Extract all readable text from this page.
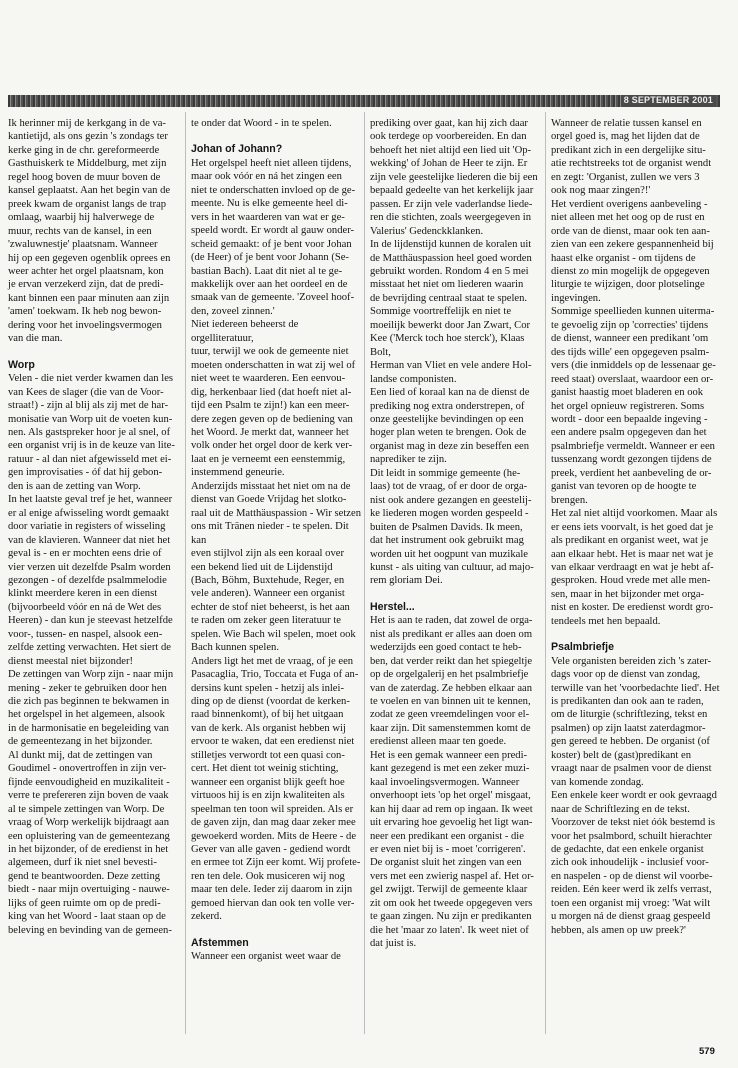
8 SEPTEMBER 2001

Ik herinner mij de kerkgang in de va-

kantietijd, als ons gezin 's zondags ter

kerke ging in de chr. gereformeerde

Gasthuiskerk te Middelburg, met zijn

regel hoog boven de muur boven de

kansel geplaatst. Aan het begin van de

preek kwam de organist langs de trap

omlaag, waarbij hij halverwege de

muur, rechts van de kansel, in een

'zwaluwnestje' plaatsnam. Wanneer

hij op een gegeven ogenblik oprees en

weer achter het orgel plaatsnam, kon

je ervan verzekerd zijn, dat de predi-

kant binnen een paar minuten aan zijn

'amen' toekwam. Ik heb nog bewon-

dering voor het invoelingsvermogen

van die man.

Worp

Velen - die niet verder kwamen dan les

van Kees de slager (die van de Voor-

straat!) - zijn al blij als zij met de har-

monisatie van Worp uit de voeten kun-

nen. Als gastspreker hoor je al snel, of

een organist vrij is in de keuze van lite-

ratuur - al dan niet afgewisseld met ei-

gen improvisaties - óf dat hij gebon-

den is aan de zetting van Worp.

In het laatste geval tref je het, wanneer

er al enige afwisseling wordt gemaakt

door variatie in registers of wisseling

van de klavieren. Wanneer dat niet het

geval is - en er mochten eens drie of

vier verzen uit dezelfde Psalm worden

gezongen - of dezelfde psalmmelodie

klinkt meerdere keren in een dienst

(bijvoorbeeld vóór en ná de Wet des

Heeren) - dan kun je steevast hetzelfde

voor-, tussen- en naspel, alsook een-

zelfde zetting verwachten. Het siert de

dienst meestal niet bijzonder!

De zettingen van Worp zijn - naar mijn

mening - zeker te gebruiken door hen

die zich pas beginnen te bekwamen in

het orgelspel in het algemeen, alsook

in de harmonisatie en begeleiding van

de gemeentezang in het bijzonder.

Al dunkt mij, dat de zettingen van

Goudimel - onovertroffen in zijn ver-

fijnde eenvoudigheid en muzikaliteit -

verre te prefereren zijn boven de vaak

al te simpele zettingen van Worp. De

vraag of Worp werkelijk bijdraagt aan

een opluistering van de gemeentezang

in het bijzonder, of de eredienst in het

algemeen, durf ik niet snel bevesti-

gend te beantwoorden. Deze zetting

biedt - naar mijn overtuiging - nauwe-

lijks of geen ruimte om op de predi-

king van het Woord - laat staan op de

beleving en bevinding van de gemeen-

te onder dat Woord - in te spelen.

Johan of Johann?

Het orgelspel heeft niet alleen tijdens,

maar ook vóór en ná het zingen een

niet te onderschatten invloed op de ge-

meente. Nu is elke gemeente heel di-

vers in het waarderen van wat er ge-

speeld wordt. Er wordt al gauw onder-

scheid gemaakt: of je bent voor Johan

(de Heer) of je bent voor Johann (Se-

bastian Bach). Laat dit niet al te ge-

makkelijk over aan het oordeel en de

smaak van de gemeente. 'Zoveel hoof-

den, zoveel zinnen.'

Niet iedereen beheerst de orgelliteratuur,

tuur, terwijl we ook de gemeente niet

moeten onderschatten in wat zij wel of

niet weet te waarderen. Een eenvou-

dig, herkenbaar lied (dat hoeft niet al-

tijd een Psalm te zijn!) kan een meer-

dere zegen geven op de bediening van

het Woord. Je merkt dat, wanneer het

volk onder het orgel door de kerk ver-

laat en je verneemt een eenstemmig,

instemmend geneurie.

Anderzijds misstaat het niet om na de

dienst van Goede Vrijdag het slotko-

raal uit de Matthäuspassion - Wir setzen

ons mit Tränen nieder - te spelen. Dit kan

even stijlvol zijn als een koraal over

een bekend lied uit de Lijdenstijd

(Bach, Böhm, Buxtehude, Reger, en

vele anderen). Wanneer een organist

echter de stof niet beheerst, is het aan

te raden om zeker geen literatuur te

spelen. Wie Bach wil spelen, moet ook

Bach kunnen spelen.

Anders ligt het met de vraag, of je een

Pasacaglia, Trio, Toccata et Fuga of an-

dersins kunt spelen - hetzij als inlei-

ding op de dienst (voordat de kerken-

raad binnenkomt), of bij het uitgaan

van de kerk. Als organist hebben wij

ervoor te waken, dat een eredienst niet

stilletjes verwordt tot een quasi con-

cert. Het dient tot weinig stichting,

wanneer een organist blijk geeft hoe

virtuoos hij is en zijn kwaliteiten als

speelman ten toon wil spreiden. Als er

de gaven zijn, dan mag daar zeker mee

gewoekerd worden. Mits de Heere - de

Gever van alle gaven - gediend wordt

en ermee tot Zijn eer komt. Wij profete-

ren ten dele. Ook musiceren wij nog

maar ten dele. Ieder zij daarom in zijn

gemoed hiervan dan ook ten volle ver-

zekerd.

Afstemmen

Wanneer een organist weet waar de

prediking over gaat, kan hij zich daar

ook terdege op voorbereiden. En dan

behoeft het niet altijd een lied uit 'Op-

wekking' of Johan de Heer te zijn. Er

zijn vele geestelijke liederen die bij een

bepaald gedeelte van het kerkelijk jaar

passen. Er zijn vele vaderlandse liede-

ren die stichten, zoals weergegeven in

Valerius' Gedenckklanken.

In de lijdenstijd kunnen de koralen uit

de Matthäuspassion heel goed worden

gebruikt worden. Rondom 4 en 5 mei

misstaat het niet om liederen waarin

de bevrijding centraal staat te spelen.

Sommige voortreffelijk en niet te

moeilijk bewerkt door Jan Zwart, Cor

Kee ('Merck toch hoe sterck'), Klaas Bolt,

Herman van Vliet en vele andere Hol-

landse componisten.

Een lied of koraal kan na de dienst de

prediking nog extra onderstrepen, of

onze geestelijke bevindingen op een

hoger plan weten te brengen. Ook de

organist mag in deze zin beseffen een

naprediker te zijn.

Dit leidt in sommige gemeente (he-

laas) tot de vraag, of er door de orga-

nist ook andere gezangen en geestelij-

ke liederen mogen worden gespeeld -

buiten de Psalmen Davids. Ik meen,

dat het instrument ook gebruikt mag

worden uit het oogpunt van muzikale

kunst - als uiting van cultuur, ad majo-

rem gloriam Dei.

Herstel...

Het is aan te raden, dat zowel de orga-

nist als predikant er alles aan doen om

wederzijds een goed contact te heb-

ben, dat verder reikt dan het spiegeltje

op de orgelgalerij en het psalmbriefje

van de zaterdag. Ze hebben elkaar aan

te voelen en van binnen uit te kennen,

zodat ze geen vreemdelingen voor el-

kaar zijn. Dit samenstemmen komt de

eredienst alleen maar ten goede.

Het is een gemak wanneer een predi-

kant gezegend is met een zeker muzi-

kaal invoelingsvermogen. Wanneer

onverhoopt iets 'op het orgel' misgaat,

kan hij daar ad rem op ingaan. Ik weet

uit ervaring hoe gevoelig het ligt wan-

neer een predikant een organist - die

er even niet bij is - moet 'corrigeren'.

De organist sluit het zingen van een

vers met een zwierig naspel af. Het or-

gel zwijgt. Terwijl de gemeente klaar

zit om ook het tweede opgegeven vers

te gaan zingen. Nu zijn er predikanten

die het 'maar zo laten'. Ik weet niet of

dat juist is.

Wanneer de relatie tussen kansel en

orgel goed is, mag het lijden dat de

predikant zich in een dergelijke situ-

atie rechtstreeks tot de organist wendt

en zegt: 'Organist, zullen we vers 3

ook nog maar zingen?!'

Het verdient overigens aanbeveling -

niet alleen met het oog op de rust en

orde van de dienst, maar ook ten aan-

zien van een zekere gespannenheid bij

haast elke organist - om tijdens de

dienst zo min mogelijk de opgegeven

liturgie te wijzigen, door plotselinge

ingevingen.

Sommige speellieden kunnen uiterma-

te gevoelig zijn op 'correcties' tijdens

de dienst, wanneer een predikant 'om

des tijds wille' een opgegeven psalm-

vers (die inmiddels op de lessenaar ge-

reed staat) overslaat, waardoor een or-

ganist haastig moet bladeren en ook

het orgel opnieuw registreren. Soms

wordt - door een bepaalde ingeving -

een andere psalm opgegeven dan het

psalmbriefje vermeldt. Wanneer er een

tussenzang wordt gezongen tijdens de

preek, verdient het aanbeveling de or-

ganist van tevoren op de hoogte te

brengen.

Het zal niet altijd voorkomen. Maar als

er eens iets voorvalt, is het goed dat je

als predikant en organist weet, wat je

aan elkaar hebt. Het is maar net wat je

van elkaar verdraagt en wat je hebt af-

gesproken. Houd vrede met alle men-

sen, maar in het bijzonder met orga-

nist en koster. De eredienst wordt gro-

tendeels met hen bepaald.

Psalmbriefje

Vele organisten bereiden zich 's zater-

dags voor op de dienst van zondag,

terwille van het 'voorbedachte lied'. Het

is predikanten dan ook aan te raden,

om de liturgie (schriftlezing, tekst en

psalmen) op zijn laatst zaterdagmor-

gen gereed te hebben. De organist (of

koster) belt de (gast)predikant en

vraagt naar de psalmen voor de dienst

van komende zondag.

Een enkele keer wordt er ook gevraagd

naar de Schriftlezing en de tekst.

Voorzover de tekst niet óók bestemd is

voor het psalmbord, schuilt hierachter

de gedachte, dat een enkele organist

zich ook inhoudelijk - inclusief voor-

en naspelen - op de dienst wil voorbe-

reiden. Eén keer werd ik zelfs verrast,

toen een organist mij vroeg: 'Wat wilt

u morgen ná de dienst graag gespeeld

hebben, als amen op uw preek?'

579
